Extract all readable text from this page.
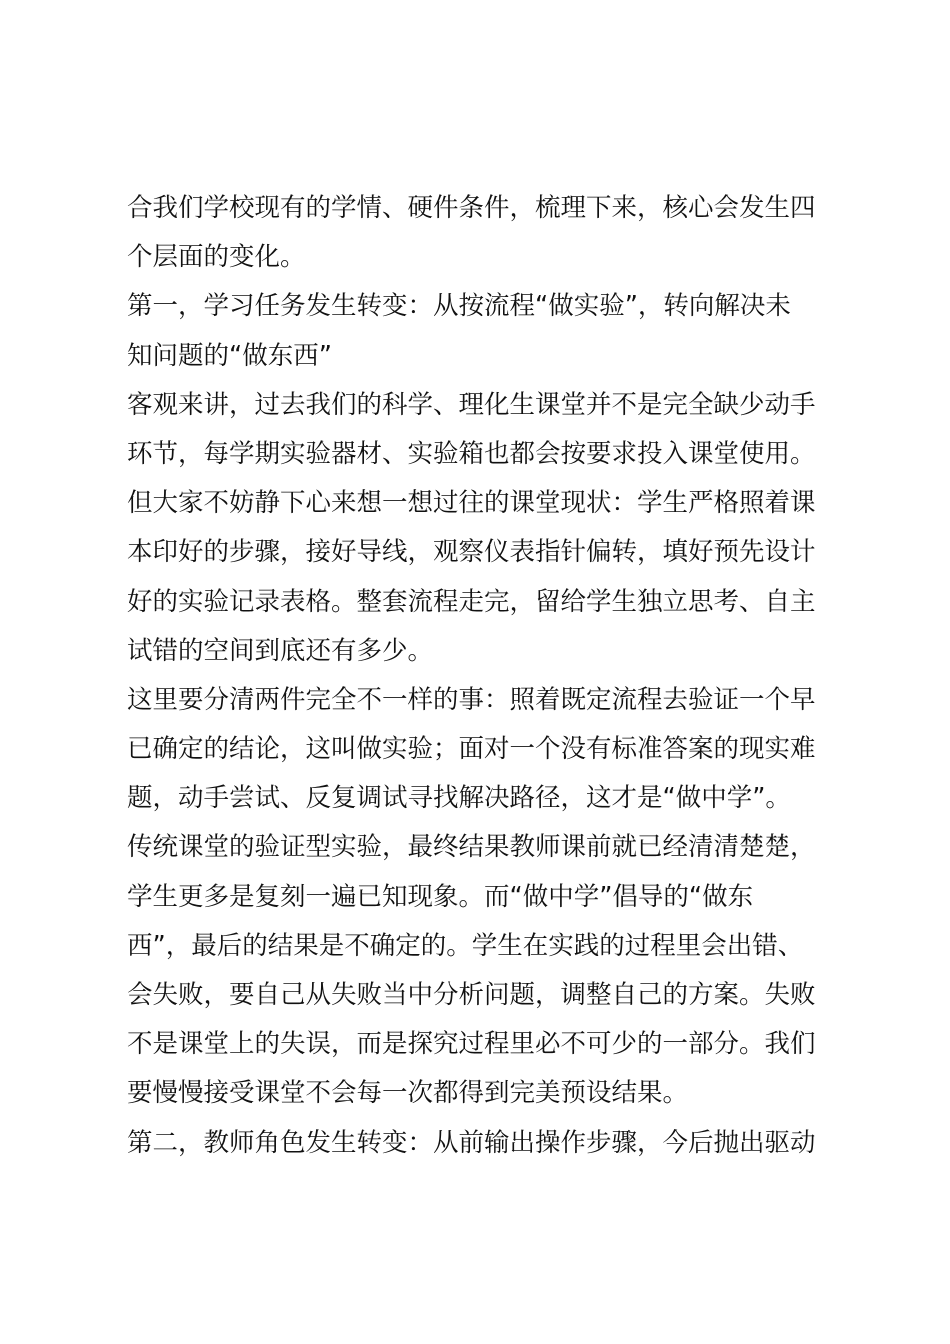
合我们学校现有的学情、硬件条件，梳理下来，核心会发生四
个层面的变化。
第一，学习任务发生转变：从按流程“做实验”，转向解决未
知问题的“做东西”
客观来讲，过去我们的科学、理化生课堂并不是完全缺少动手
环节，每学期实验器材、实验箱也都会按要求投入课堂使用。
但大家不妨静下心来想一想过往的课堂现状：学生严格照着课
本印好的步骤，接好导线，观察仪表指针偏转，填好预先设计
好的实验记录表格。整套流程走完，留给学生独立思考、自主
试错的空间到底还有多少。
这里要分清两件完全不一样的事：照着既定流程去验证一个早
已确定的结论，这叫做实验；面对一个没有标准答案的现实难
题，动手尝试、反复调试寻找解决路径，这才是“做中学”。
传统课堂的验证型实验，最终结果教师课前就已经清清楚楚，
学生更多是复刻一遍已知现象。而“做中学”倡导的“做东
西”，最后的结果是不确定的。学生在实践的过程里会出错、
会失败，要自己从失败当中分析问题，调整自己的方案。失败
不是课堂上的失误，而是探究过程里必不可少的一部分。我们
要慢慢接受课堂不会每一次都得到完美预设结果。
第二，教师角色发生转变：从前输出操作步骤，今后抛出驱动
